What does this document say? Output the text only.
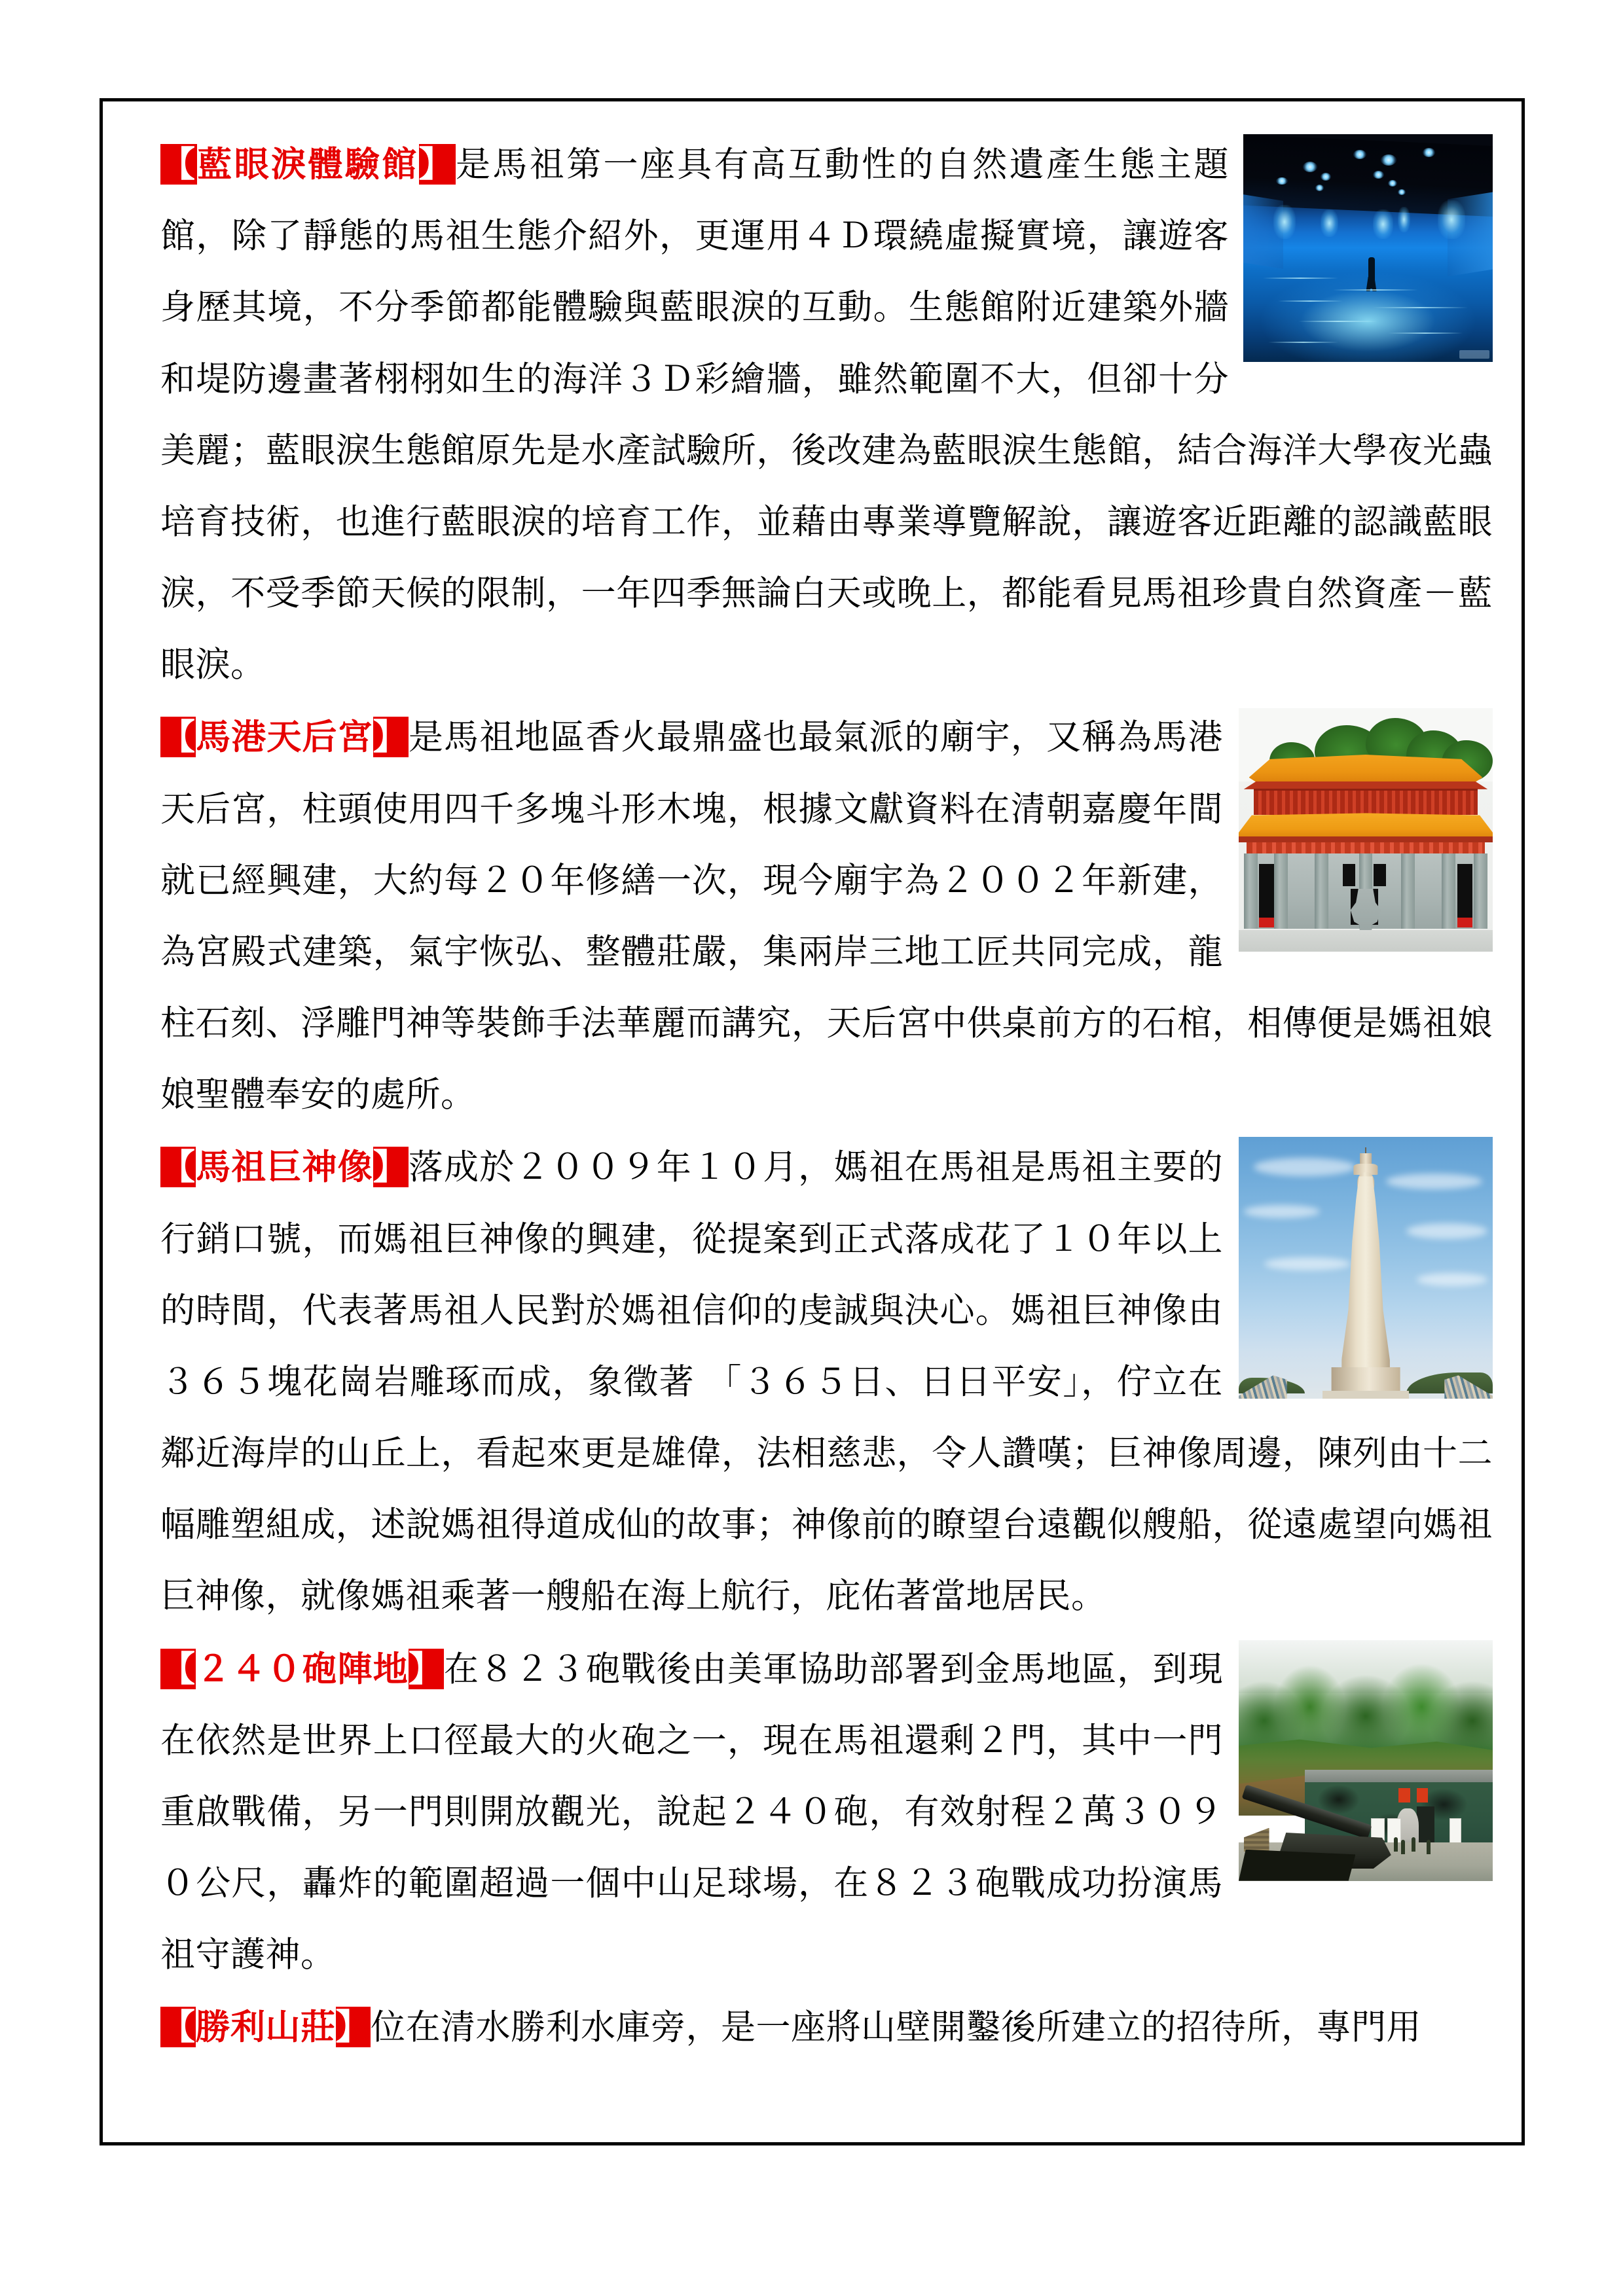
【藍眼淚體驗館】是馬祖第一座具有高互動性的自然遺產生態主題館，除了靜態的馬祖生態介紹外，更運用４Ｄ環繞虛擬實境，讓遊客身歷其境，不分季節都能體驗與藍眼淚的互動。生態館附近建築外牆和堤防邊畫著栩栩如生的海洋３Ｄ彩繪牆，雖然範圍不大，但卻十分美麗；藍眼淚生態館原先是水產試驗所，後改建為藍眼淚生態館，結合海洋大學夜光蟲培育技術，也進行藍眼淚的培育工作，並藉由專業導覽解說，讓遊客近距離的認識藍眼淚，不受季節天候的限制，一年四季無論白天或晚上，都能看見馬祖珍貴自然資產－藍眼淚。

【馬港天后宮】是馬祖地區香火最鼎盛也最氣派的廟宇，又稱為馬港天后宮，柱頭使用四千多塊斗形木塊，根據文獻資料在清朝嘉慶年間就已經興建，大約每２０年修繕一次，現今廟宇為２００２年新建，為宮殿式建築，氣宇恢弘、整體莊嚴，集兩岸三地工匠共同完成，龍柱石刻、浮雕門神等裝飾手法華麗而講究，天后宮中供桌前方的石棺，相傳便是媽祖娘娘聖體奉安的處所。

【馬祖巨神像】落成於２００９年１０月，媽祖在馬祖是馬祖主要的行銷口號，而媽祖巨神像的興建，從提案到正式落成花了１０年以上的時間，代表著馬祖人民對於媽祖信仰的虔誠與決心。媽祖巨神像由３６５塊花崗岩雕琢而成，象徵著 「３６５日、日日平安」，佇立在鄰近海岸的山丘上，看起來更是雄偉，法相慈悲，令人讚嘆；巨神像周邊，陳列由十二幅雕塑組成，述說媽祖得道成仙的故事；神像前的瞭望台遠觀似艘船，從遠處望向媽祖巨神像，就像媽祖乘著一艘船在海上航行，庇佑著當地居民。

【２４０砲陣地】在８２３砲戰後由美軍協助部署到金馬地區，到現在依然是世界上口徑最大的火砲之一，現在馬祖還剩２門，其中一門重啟戰備，另一門則開放觀光，說起２４０砲，有效射程２萬３０９０公尺，轟炸的範圍超過一個中山足球場，在８２３砲戰成功扮演馬祖守護神。

【勝利山莊】位在清水勝利水庫旁，是一座將山壁開鑿後所建立的招待所，專門用
